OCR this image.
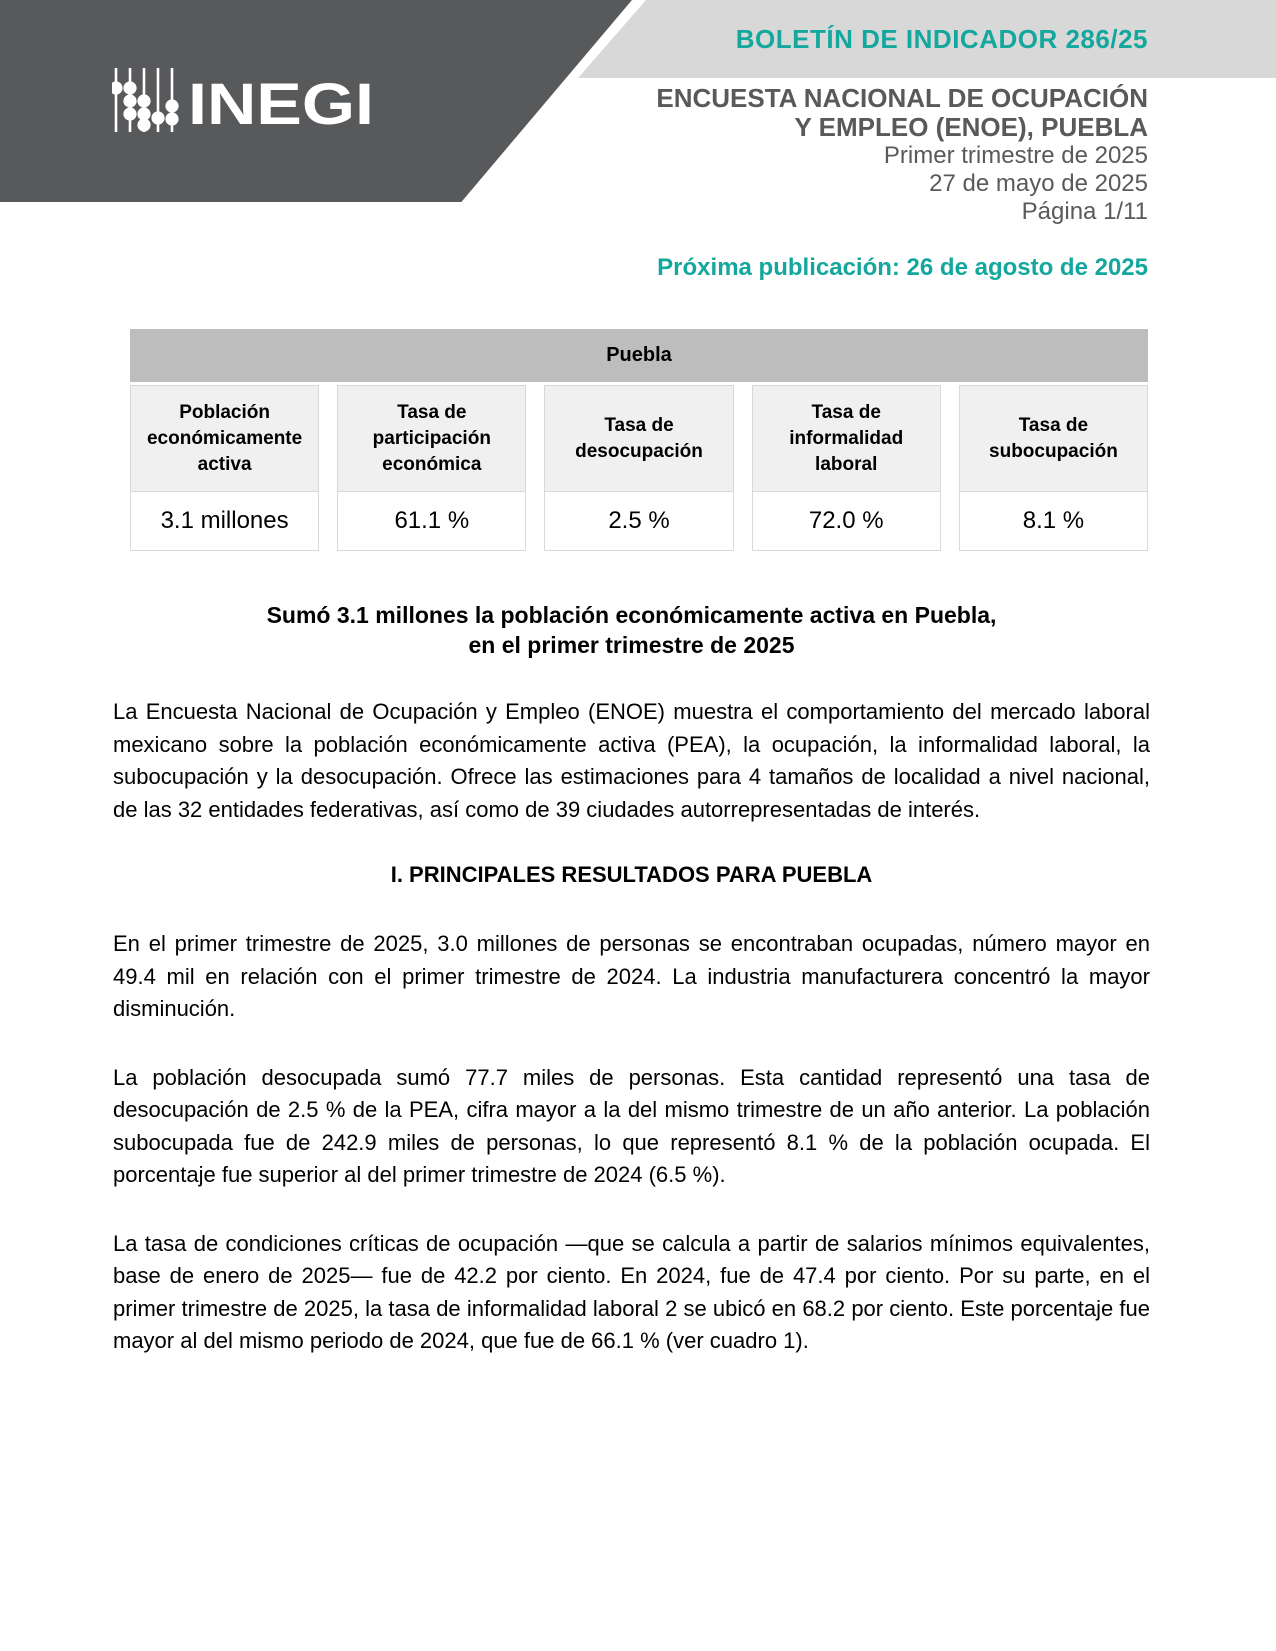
INEGI
BOLETÍN DE INDICADOR 286/25
ENCUESTA NACIONAL DE OCUPACIÓN
Y EMPLEO (ENOE), PUEBLA
Primer trimestre de 2025
27 de mayo de 2025
Página 1/11
Próxima publicación: 26 de agosto de 2025
Puebla
Población económicamente activa
3.1 millones
Tasa de participación económica
61.1 %
Tasa de desocupación
2.5 %
Tasa de informalidad laboral
72.0 %
Tasa de subocupación
8.1 %
Sumó 3.1 millones la población económicamente activa en Puebla,
en el primer trimestre de 2025

La Encuesta Nacional de Ocupación y Empleo (ENOE) muestra el comportamiento del mercado laboral mexicano sobre la población económicamente activa (PEA), la ocupación, la informalidad laboral, la subocupación y la desocupación. Ofrece las estimaciones para 4 tamaños de localidad a nivel nacional, de las 32 entidades federativas, así como de 39 ciudades autorrepresentadas de interés.

I. PRINCIPALES RESULTADOS PARA PUEBLA

En el primer trimestre de 2025, 3.0 millones de personas se encontraban ocupadas, número mayor en 49.4 mil en relación con el primer trimestre de 2024. La industria manufacturera concentró la mayor disminución.

La población desocupada sumó 77.7 miles de personas. Esta cantidad representó una tasa de desocupación de 2.5 % de la PEA, cifra mayor a la del mismo trimestre de un año anterior. La población subocupada fue de 242.9 miles de personas, lo que representó 8.1 % de la población ocupada. El porcentaje fue superior al del primer trimestre de 2024 (6.5 %).

La tasa de condiciones críticas de ocupación —que se calcula a partir de salarios mínimos equivalentes, base de enero de 2025— fue de 42.2 por ciento. En 2024, fue de 47.4 por ciento. Por su parte, en el primer trimestre de 2025, la tasa de informalidad laboral 2 se ubicó en 68.2 por ciento. Este porcentaje fue mayor al del mismo periodo de 2024, que fue de 66.1 % (ver cuadro 1).
